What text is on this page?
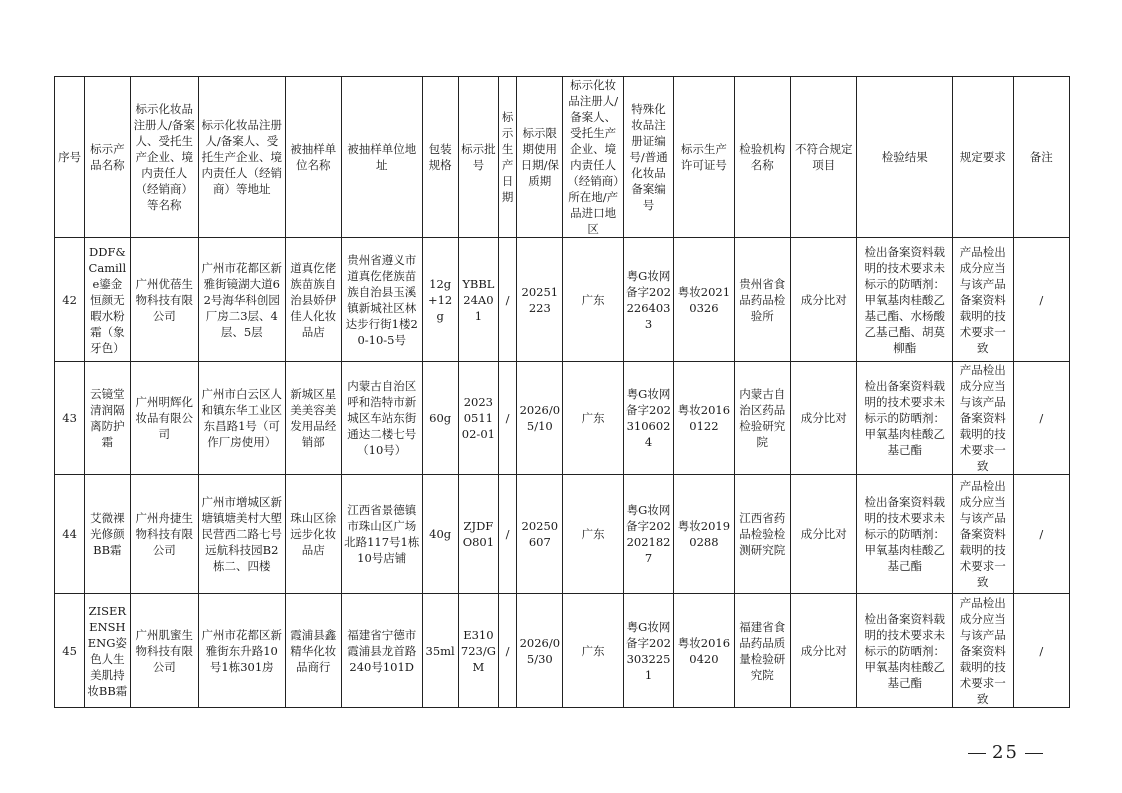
序号	标示产品名称	标示化妆品注册人/备案人、受托生产企业、境内责任人（经销商）等名称	标示化妆品注册人/备案人、受托生产企业、境内责任人（经销商）等地址	被抽样单位名称	被抽样单位地址	包装规格	标示批号	标示生产日期	标示限期使用日期/保质期	标示化妆品注册人/备案人、受托生产企业、境内责任人（经销商）所在地/产品进口地区	特殊化妆品注册证编号/普通化妆品备案编号	标示生产许可证号	检验机构名称	不符合规定项目	检验结果	规定要求	备注
42	DDF&Camille鎏金恒颜无暇水粉霜（象牙色）	广州优蓓生物科技有限公司	广州市花都区新雅街镜湖大道62号海华科创园厂房二3层、4层、5层	道真仡佬族苗族自治县娇伊佳人化妆品店	贵州省遵义市道真仡佬族苗族自治县玉溪镇新城社区林达步行街1楼20-10-5号	12g+12g	YBBL24A01	/	20251223	广东	粤G妆网备字2022264033	粤妆20210326	贵州省食品药品检验所	成分比对	检出备案资料载明的技术要求未标示的防晒剂：甲氧基肉桂酸乙基己酯、水杨酸乙基己酯、胡莫柳酯	产品检出成分应当与该产品备案资料载明的技术要求一致	/
43	云镜堂清润隔离防护霜	广州明辉化妆品有限公司	广州市白云区人和镇东华工业区东昌路1号（可作厂房使用）	新城区星美美容美发用品经销部	内蒙古自治区呼和浩特市新城区车站东街通达二楼七号（10号）	60g	2023051102-01	/	2026/05/10	广东	粤G妆网备字2023106024	粤妆20160122	内蒙古自治区药品检验研究院	成分比对	检出备案资料载明的技术要求未标示的防晒剂：甲氧基肉桂酸乙基己酯	产品检出成分应当与该产品备案资料载明的技术要求一致	/
44	艾微裸光修颜BB霜	广州舟捷生物科技有限公司	广州市增城区新塘镇塘美村大塱民营西二路七号远航科技园B2栋二、四楼	珠山区徐远步化妆品店	江西省景德镇市珠山区广场北路117号1栋10号店铺	40g	ZJDFO801	/	20250607	广东	粤G妆网备字2022021827	粤妆20190288	江西省药品检验检测研究院	成分比对	检出备案资料载明的技术要求未标示的防晒剂：甲氧基肉桂酸乙基己酯	产品检出成分应当与该产品备案资料载明的技术要求一致	/
45	ZISERENSHENG姿色人生美肌持妆BB霜	广州肌蜜生物科技有限公司	广州市花都区新雅街东升路10号1栋301房	霞浦县鑫精华化妆品商行	福建省宁德市霞浦县龙首路240号101D	35ml	E310723/GM	/	2026/05/30	广东	粤G妆网备字2023032251	粤妆20160420	福建省食品药品质量检验研究院	成分比对	检出备案资料载明的技术要求未标示的防晒剂：甲氧基肉桂酸乙基己酯	产品检出成分应当与该产品备案资料载明的技术要求一致	/
25
